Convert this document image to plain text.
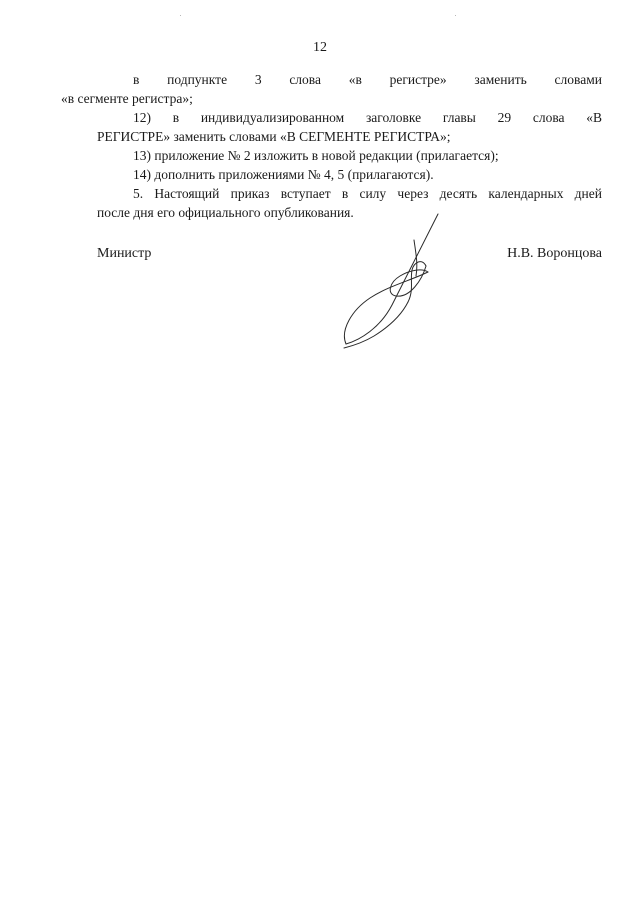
12

в подпункте 3 слова «в регистре» заменить словами
«в сегменте регистра»;

12) в индивидуализированном заголовке главы 29 слова «В
РЕГИСТРЕ» заменить словами «В СЕГМЕНТЕ РЕГИСТРА»;

13) приложение № 2 изложить в новой редакции (прилагается);

14) дополнить приложениями № 4, 5 (прилагаются).

5. Настоящий приказ вступает в силу через десять календарных дней
после дня его официального опубликования.

Министр	Н.В. Воронцова
